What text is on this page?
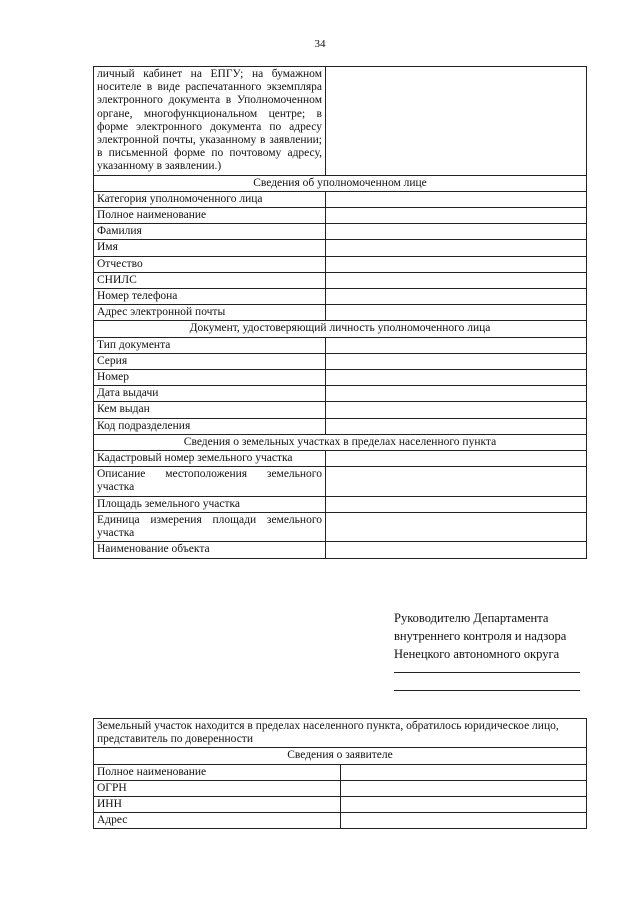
34
личный кабинет на ЕПГУ; на бумажном носителе в виде распечатанного экземпляра электронного документа в Уполномоченном органе, многофункциональном центре; в форме электронного документа по адресу электронной почты, указанному в заявлении; в письменной форме по почтовому адресу, указанному в заявлении.)	
Сведения об уполномоченном лице	
Категория уполномоченного лица	
Полное наименование	
Фамилия	
Имя	
Отчество	
СНИЛС	
Номер телефона	
Адрес электронной почты	
Документ, удостоверяющий личность уполномоченного лица	
Тип документа	
Серия	
Номер	
Дата выдачи	
Кем выдан	
Код подразделения	
Сведения о земельных участках в пределах населенного пункта	
Кадастровый номер земельного участка	
Описание местоположения земельного участка	
Площадь земельного участка	
Единица измерения площади земельного участка	
Наименование объекта	
Руководителю Департамента
внутреннего контроля и надзора
Ненецкого автономного округа
Земельный участок находится в пределах населенного пункта, обратилось юридическое лицо, представитель по доверенности	
Сведения о заявителе	
Полное наименование	
ОГРН	
ИНН	
Адрес	
